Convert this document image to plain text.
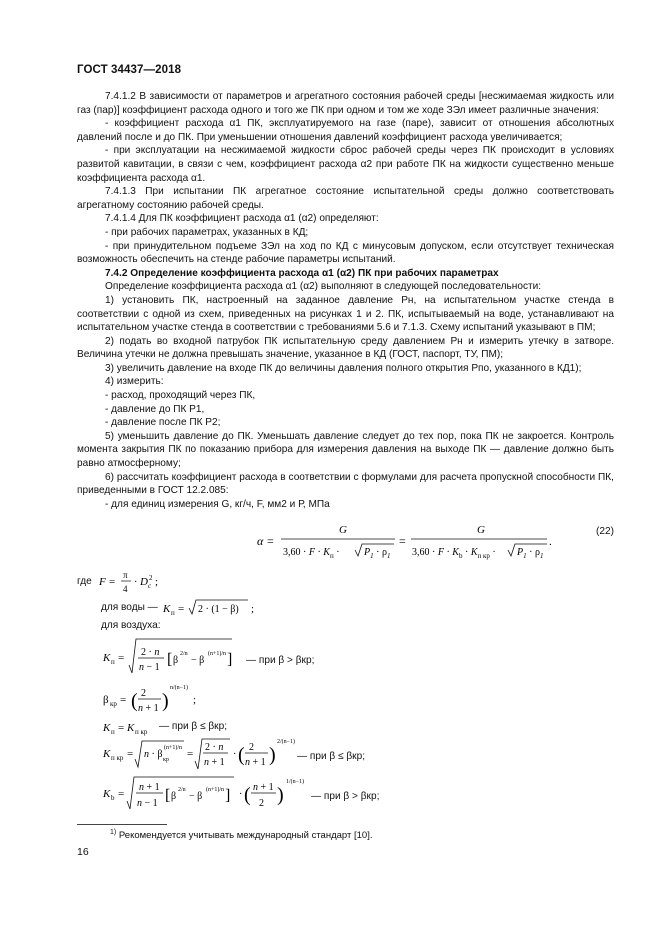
ГОСТ 34437—2018

7.4.1.2 В зависимости от параметров и агрегатного состояния рабочей среды [несжимаемая жидкость или газ (пар)] коэффициент расхода одного и того же ПК при одном и том же ходе ЗЭл имеет различные значения:

- коэффициент расхода α1 ПК, эксплуатируемого на газе (паре), зависит от отношения абсолютных давлений после и до ПК. При уменьшении отношения давлений коэффициент расхода увеличивается;

- при эксплуатации на несжимаемой жидкости сброс рабочей среды через ПК происходит в условиях развитой кавитации, в связи с чем, коэффициент расхода α2 при работе ПК на жидкости существенно меньше коэффициента расхода α1.

7.4.1.3 При испытании ПК агрегатное состояние испытательной среды должно соответствовать агрегатному состоянию рабочей среды.

7.4.1.4 Для ПК коэффициент расхода α1 (α2) определяют:

- при рабочих параметрах, указанных в КД;

- при принудительном подъеме ЗЭл на ход по КД с минусовым допуском, если отсутствует техническая возможность обеспечить на стенде рабочие параметры испытаний.

7.4.2 Определение коэффициента расхода α1 (α2) ПК при рабочих параметрах

Определение коэффициента расхода α1 (α2) выполняют в следующей последовательности:

1) установить ПК, настроенный на заданное давление Рн, на испытательном участке стенда в соответствии с одной из схем, приведенных на рисунках 1 и 2. ПК, испытываемый на воде, устанавливают на испытательном участке стенда в соответствии с требованиями 5.6 и 7.1.3. Схему испытаний указывают в ПМ;

2) подать во входной патрубок ПК испытательную среду давлением Рн и измерить утечку в затворе. Величина утечки не должна превышать значение, указанное в КД (ГОСТ, паспорт, ТУ, ПМ);

3) увеличить давление на входе ПК до величины давления полного открытия Рпо, указанного в КД1);

4) измерить:

- расход, проходящий через ПК,

- давление до ПК Р1,

- давление после ПК Р2;

5) уменьшить давление до ПК. Уменьшать давление следует до тех пор, пока ПК не закроется. Контроль момента закрытия ПК по показанию прибора для измерения давления на выходе ПК — давление должно быть равно атмосферному;

6) рассчитать коэффициент расхода в соответствии с формулами для расчета пропускной способности ПК, приведенными в ГОСТ 12.2.085:

- для единиц измерения G, кг/ч, F, мм2 и Р, МПа

α =
G
$3,60 \cdot F \cdot K_п \cdot P_1 \cdot \rho_1$
=
G
$3,60 \cdot F \cdot K_b \cdot K_{п кр} \cdot P_1 \cdot \rho_1$
.
(22)
где F =
π
4
· D c
2 ;
для воды — K п = 2 · (1 − β) ;
для воздуха:
K п = 2 · n
n − 1 [ β
2/n
− β
(n+1)/n ] — при β > βкр;
β кр = ( 2
n + 1 )
n/(n−1)
;
K п = K п кр — при β ≤ βкр;
K п кр = n · β
(n+1)/n
кр =
2 · n
n + 1
· ( 2
n + 1 )
2/(n−1)
— при β ≤ βкр;
K b =
n + 1
n − 1 [ β
2/n
− β
(n+1)/n ] · ( n + 1
2 )
1/(n−1)
— при β > βкр;
$^{1)}$ Рекомендуется учитывать международный стандарт [10].
16
